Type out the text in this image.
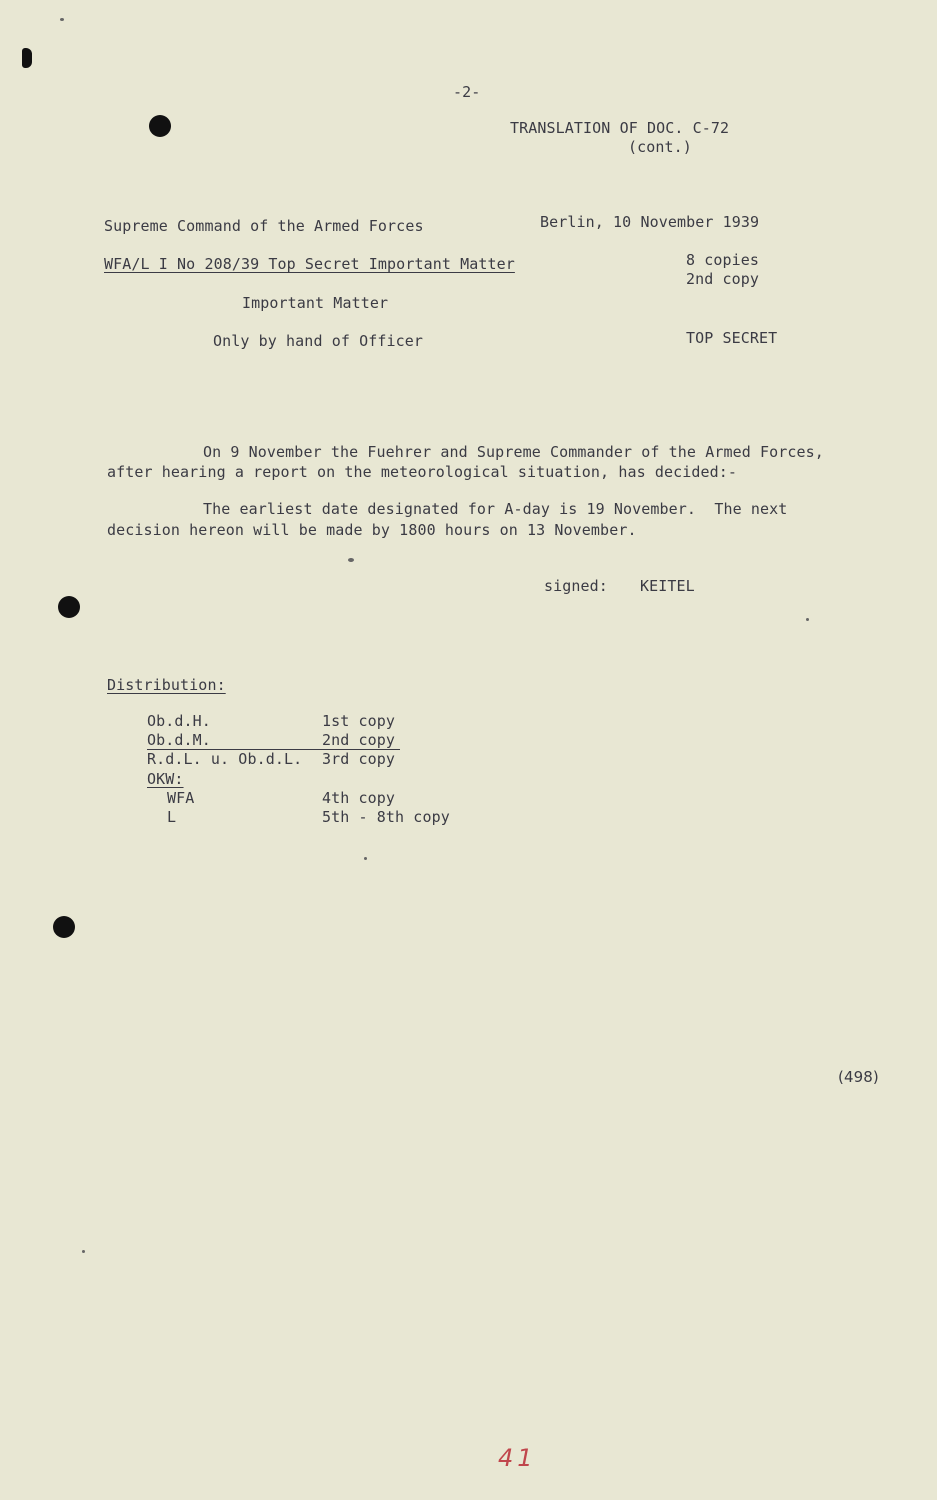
-2-
TRANSLATION OF DOC. C-72
(cont.)
Supreme Command of the Armed Forces	Berlin, 10 November 1939
WFA/L I No 208/39 Top Secret Important Matter	8 copies
2nd copy
Important Matter
Only by hand of Officer	TOP SECRET
On 9 November the Fuehrer and Supreme Commander of the Armed Forces,
after hearing a report on the meteorological situation, has decided:-
The earliest date designated for A-day is 19 November.  The next
decision hereon will be made by 1800 hours on 13 November.
signed: KEITEL
Distribution:
Ob.d.H.	1st copy
Ob.d.M.	2nd copy
R.d.L. u. Ob.d.L. 3rd copy
OKW:
WFA	4th copy
L	5th - 8th copy
(498)
41
